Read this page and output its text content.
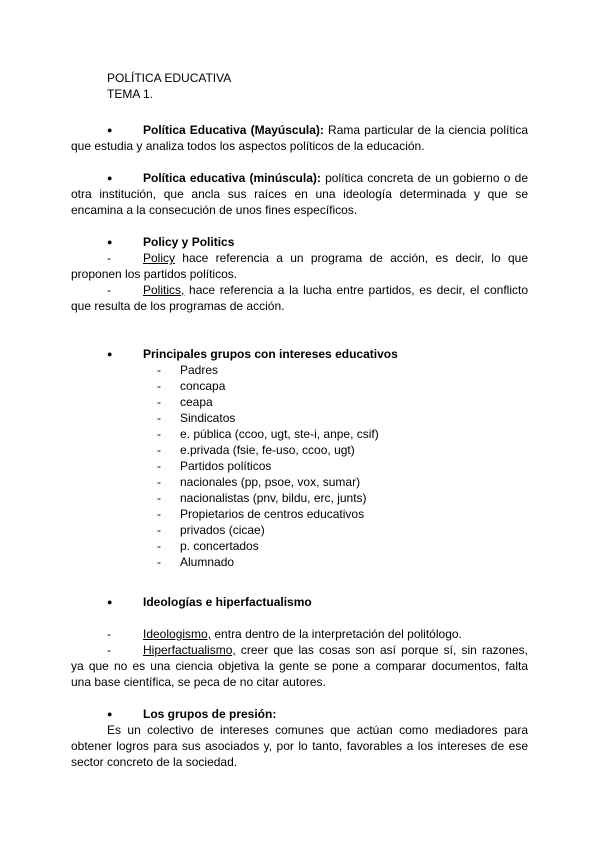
POLÍTICA EDUCATIVA
TEMA 1.
●	Política Educativa (Mayúscula): Rama particular de la ciencia política
que estudia y analiza todos los aspectos políticos de la educación.
●	Política educativa (minúscula): política concreta de un gobierno o de
otra institución, que ancla sus raíces en una ideología determinada y que se
encamina a la consecución de unos fines específicos.
●	Policy y Politics
-	Policy hace referencia a un programa de acción, es decir, lo que
proponen los partidos políticos.
-	Politics, hace referencia a la lucha entre partidos, es decir, el conflicto
que resulta de los programas de acción.
●	Principales grupos con intereses educativos
- Padres
- concapa
- ceapa
- Sindicatos
- e. pública (ccoo, ugt, ste-i, anpe, csif)
- e.privada (fsie, fe-uso, ccoo, ugt)
- Partidos políticos
- nacionales (pp, psoe, vox, sumar)
- nacionalistas (pnv, bildu, erc, junts)
- Propietarios de centros educativos
- privados (cicae)
- p. concertados
- Alumnado
●	Ideologías e hiperfactualismo
-	Ideologismo, entra dentro de la interpretación del politólogo.
-	Hiperfactualismo, creer que las cosas son así porque sí, sin razones,
ya que no es una ciencia objetiva la gente se pone a comparar documentos, falta
una base científica, se peca de no citar autores.
●	Los grupos de presión:
Es un colectivo de intereses comunes que actúan como mediadores para
obtener logros para sus asociados y, por lo tanto, favorables a los intereses de ese
sector concreto de la sociedad.
